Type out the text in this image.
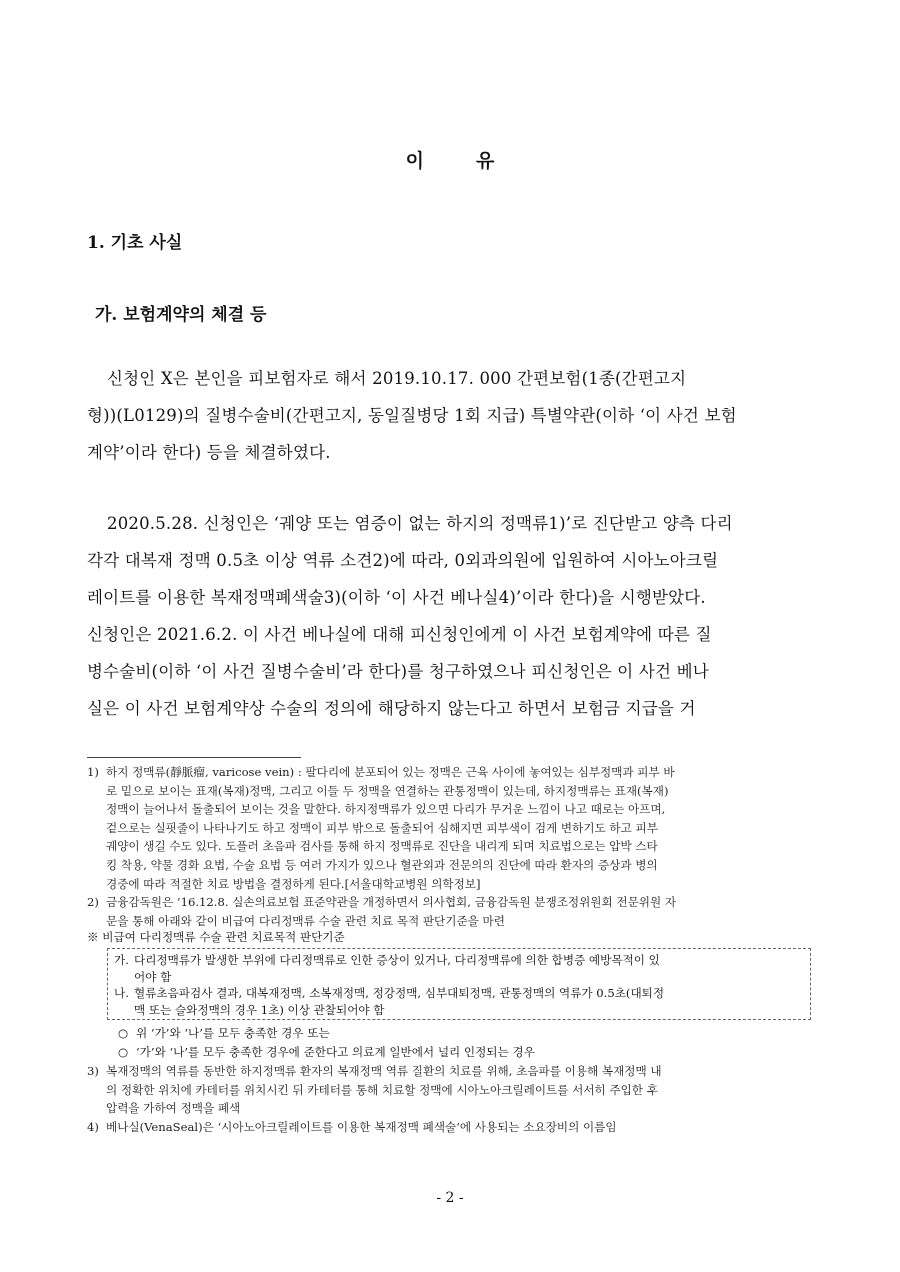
이	유
1. 기초 사실
가. 보험계약의 체결 등
신청인 X은 본인을 피보험자로 해서 2019.10.17. 000 간편보험(1종(간편고지
형))(L0129)의 질병수술비(간편고지, 동일질병당 1회 지급) 특별약관(이하 ‘이 사건 보험
계약’이라 한다) 등을 체결하였다.
2020.5.28. 신청인은 ‘궤양 또는 염증이 없는 하지의 정맥류1)’로 진단받고 양측 다리
각각 대복재 정맥 0.5초 이상 역류 소견2)에 따라, 0외과의원에 입원하여 시아노아크릴
레이트를 이용한 복재정맥폐색술3)(이하 ‘이 사건 베나실4)’이라 한다)을 시행받았다.
신청인은 2021.6.2. 이 사건 베나실에 대해 피신청인에게 이 사건 보험계약에 따른 질
병수술비(이하 ‘이 사건 질병수술비’라 한다)를 청구하였으나 피신청인은 이 사건 베나
실은 이 사건 보험계약상 수술의 정의에 해당하지 않는다고 하면서 보험금 지급을 거
1) 하지 정맥류(靜脈瘤, varicose vein) : 팔다리에 분포되어 있는 정맥은 근육 사이에 놓여있는 심부정맥과 피부 바
로 밑으로 보이는 표재(복재)정맥, 그리고 이들 두 정맥을 연결하는 관통정맥이 있는데, 하지정맥류는 표재(복재)
정맥이 늘어나서 돌출되어 보이는 것을 말한다. 하지정맥류가 있으면 다리가 무거운 느낌이 나고 때로는 아프며,
겉으로는 실핏줄이 나타나기도 하고 정맥이 피부 밖으로 돌출되어 심해지면 피부색이 검게 변하기도 하고 피부
궤양이 생길 수도 있다. 도플러 초음파 검사를 통해 하지 정맥류로 진단을 내리게 되며 치료법으로는 압박 스타
킹 착용, 약물 경화 요법, 수술 요법 등 여러 가지가 있으나 혈관외과 전문의의 진단에 따라 환자의 증상과 병의
경중에 따라 적절한 치료 방법을 결정하게 된다.[서울대학교병원 의학정보]
2) 금융감독원은 ’16.12.8. 실손의료보험 표준약관을 개정하면서 의사협회, 금융감독원 분쟁조정위원회 전문위원 자
문을 통해 아래와 같이 비급여 다리정맥류 수술 관련 치료 목적 판단기준을 마련
※ 비급여 다리정맥류 수술 관련 치료목적 판단기준
가. 다리정맥류가 발생한 부위에 다리정맥류로 인한 증상이 있거나, 다리정맥류에 의한 합병증 예방목적이 있
어야 함
나. 혈류초음파검사 결과, 대복재정맥, 소복재정맥, 정강정맥, 심부대퇴정맥, 관통정맥의 역류가 0.5초(대퇴정
맥 또는 슬와정맥의 경우 1초) 이상 관찰되어야 함
○ 위 ‘가’와 ‘나’를 모두 충족한 경우 또는
○ ‘가’와 ‘나’를 모두 충족한 경우에 준한다고 의료계 일반에서 널리 인정되는 경우
3) 복재정맥의 역류를 동반한 하지정맥류 환자의 복재정맥 역류 질환의 치료를 위해, 초음파를 이용해 복재정맥 내
의 정확한 위치에 카테터를 위치시킨 뒤 카테터를 통해 치료할 정맥에 시아노아크릴레이트를 서서히 주입한 후
압력을 가하여 정맥을 폐색
4) 베나실(VenaSeal)은 ‘시아노아크릴레이트를 이용한 복재정맥 폐색술’에 사용되는 소요장비의 이름임
- 2 -
